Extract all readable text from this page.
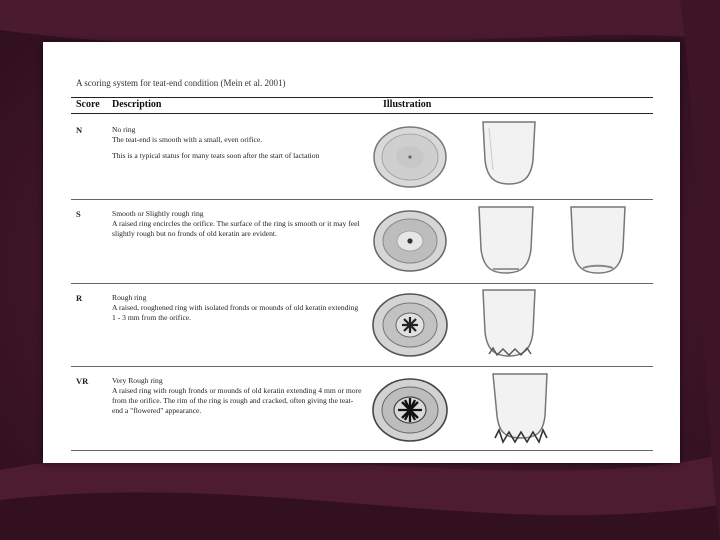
A scoring system for teat-end condition (Mein et al. 2001)
Score Description	Illustration
N	No ring
The teat-end is smooth with a small, even orifice.
This is a typical status for many teats soon after the start of lactation
S	Smooth or Slightly rough ring
A raised ring encircles the orifice. The surface of the ring is smooth or it may feel slightly rough but no fronds of old keratin are evident.
R	Rough ring
A raised, roughened ring with isolated fronds or mounds of old keratin extending 1 - 3 mm from the orifice.
VR	Very Rough ring
A raised ring with rough fronds or mounds of old keratin extending 4 mm or more from the orifice. The rim of the ring is rough and cracked, often giving the teat-end a "flowered" appearance.
